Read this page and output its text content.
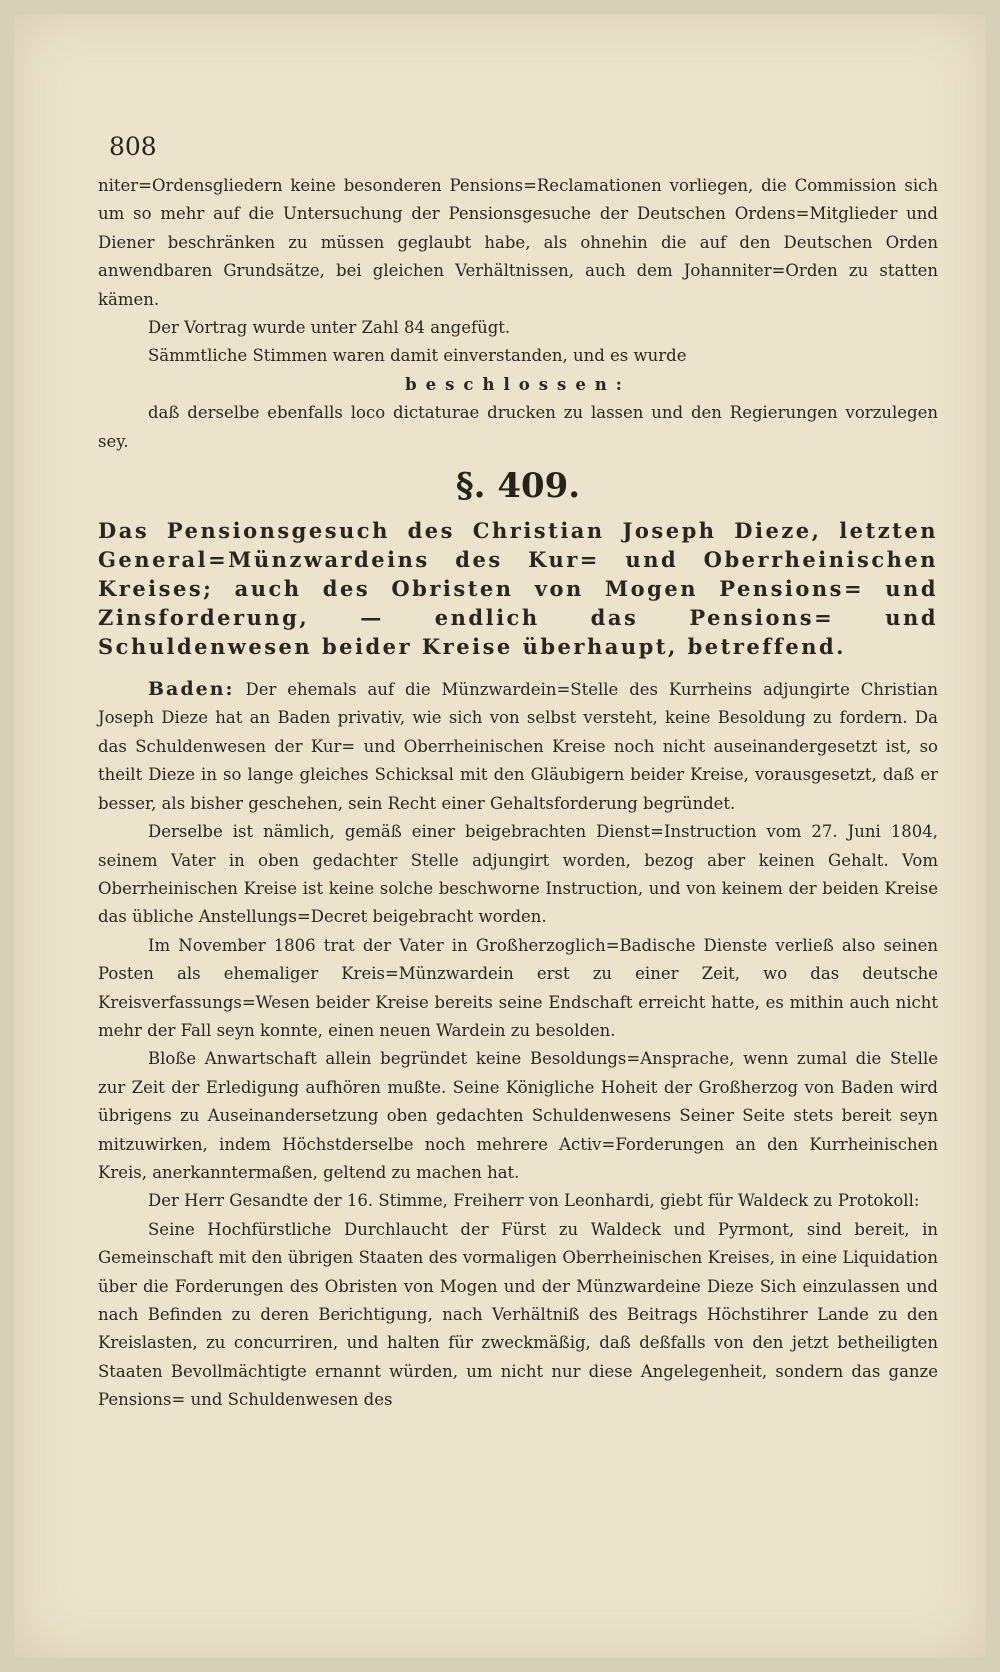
808

niter=Ordensgliedern keine besonderen Pensions=Reclamationen vorliegen, die Commission sich um so mehr auf die Untersuchung der Pensionsgesuche der Deutschen Ordens=Mitglieder und Diener beschränken zu müssen geglaubt habe, als ohnehin die auf den Deutschen Orden anwendbaren Grundsätze, bei gleichen Verhältnissen, auch dem Johanniter=Orden zu statten kämen.

Der Vortrag wurde unter Zahl 84 angefügt.

Sämmtliche Stimmen waren damit einverstanden, und es wurde

beschlossen:

daß derselbe ebenfalls loco dictaturae drucken zu lassen und den Regierungen vorzulegen sey.

§. 409.
Das Pensionsgesuch des Christian Joseph Dieze, letzten General=Münzwardeins des Kur= und Oberrheinischen Kreises; auch des Obristen von Mogen Pensions= und Zinsforderung, — endlich das Pensions= und Schuldenwesen beider Kreise überhaupt, betreffend.

Baden: Der ehemals auf die Münzwardein=Stelle des Kurrheins adjungirte Christian Joseph Dieze hat an Baden privativ, wie sich von selbst versteht, keine Besoldung zu fordern. Da das Schuldenwesen der Kur= und Oberrheinischen Kreise noch nicht auseinandergesetzt ist, so theilt Dieze in so lange gleiches Schicksal mit den Gläubigern beider Kreise, vorausgesetzt, daß er besser, als bisher geschehen, sein Recht einer Gehaltsforderung begründet.

Derselbe ist nämlich, gemäß einer beigebrachten Dienst=Instruction vom 27. Juni 1804, seinem Vater in oben gedachter Stelle adjungirt worden, bezog aber keinen Gehalt. Vom Oberrheinischen Kreise ist keine solche beschworne Instruction, und von keinem der beiden Kreise das übliche Anstellungs=Decret beigebracht worden.

Im November 1806 trat der Vater in Großherzoglich=Badische Dienste verließ also seinen Posten als ehemaliger Kreis=Münzwardein erst zu einer Zeit, wo das deutsche Kreisverfassungs=Wesen beider Kreise bereits seine Endschaft erreicht hatte, es mithin auch nicht mehr der Fall seyn konnte, einen neuen Wardein zu besolden.

Bloße Anwartschaft allein begründet keine Besoldungs=Ansprache, wenn zumal die Stelle zur Zeit der Erledigung aufhören mußte. Seine Königliche Hoheit der Großherzog von Baden wird übrigens zu Auseinandersetzung oben gedachten Schuldenwesens Seiner Seite stets bereit seyn mitzuwirken, indem Höchstderselbe noch mehrere Activ=Forderungen an den Kurrheinischen Kreis, anerkanntermaßen, geltend zu machen hat.

Der Herr Gesandte der 16. Stimme, Freiherr von Leonhardi, giebt für Waldeck zu Protokoll:

Seine Hochfürstliche Durchlaucht der Fürst zu Waldeck und Pyrmont, sind bereit, in Gemeinschaft mit den übrigen Staaten des vormaligen Oberrheinischen Kreises, in eine Liquidation über die Forderungen des Obristen von Mogen und der Münzwardeine Dieze Sich einzulassen und nach Befinden zu deren Berichtigung, nach Verhältniß des Beitrags Höchstihrer Lande zu den Kreislasten, zu concurriren, und halten für zweckmäßig, daß deßfalls von den jetzt betheiligten Staaten Bevollmächtigte ernannt würden, um nicht nur diese Angelegenheit, sondern das ganze Pensions= und Schuldenwesen des
